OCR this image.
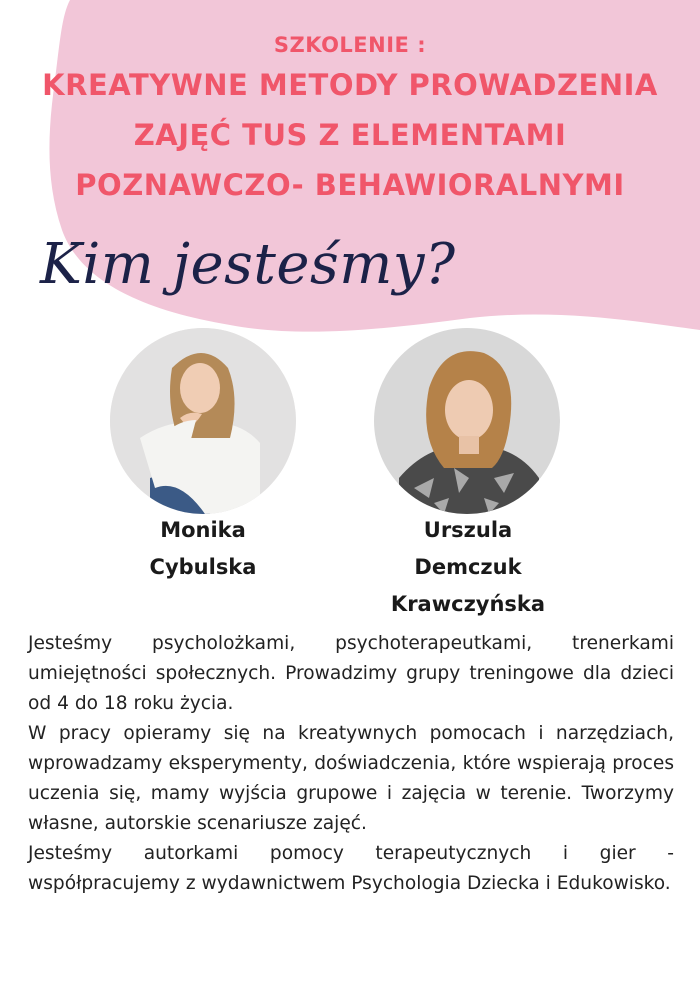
SZKOLENIE :
KREATYWNE METODY PROWADZENIA
ZAJĘĆ TUS Z ELEMENTAMI
POZNAWCZO- BEHAWIORALNYMI
Kim jesteśmy?
Monika
Cybulska
Urszula
Demczuk
Krawczyńska

Jesteśmy psycholożkami, psychoterapeutkami, trenerkami umiejętności społecznych. Prowadzimy grupy treningowe dla dzieci od 4 do 18 roku życia.

W pracy opieramy się na kreatywnych pomocach i narzędziach, wprowadzamy eksperymenty, doświadczenia, które wspierają proces uczenia się, mamy wyjścia grupowe i zajęcia w terenie. Tworzymy własne, autorskie scenariusze zajęć.

Jesteśmy autorkami pomocy terapeutycznych i gier - współpracujemy z wydawnictwem Psychologia Dziecka i Edukowisko.
